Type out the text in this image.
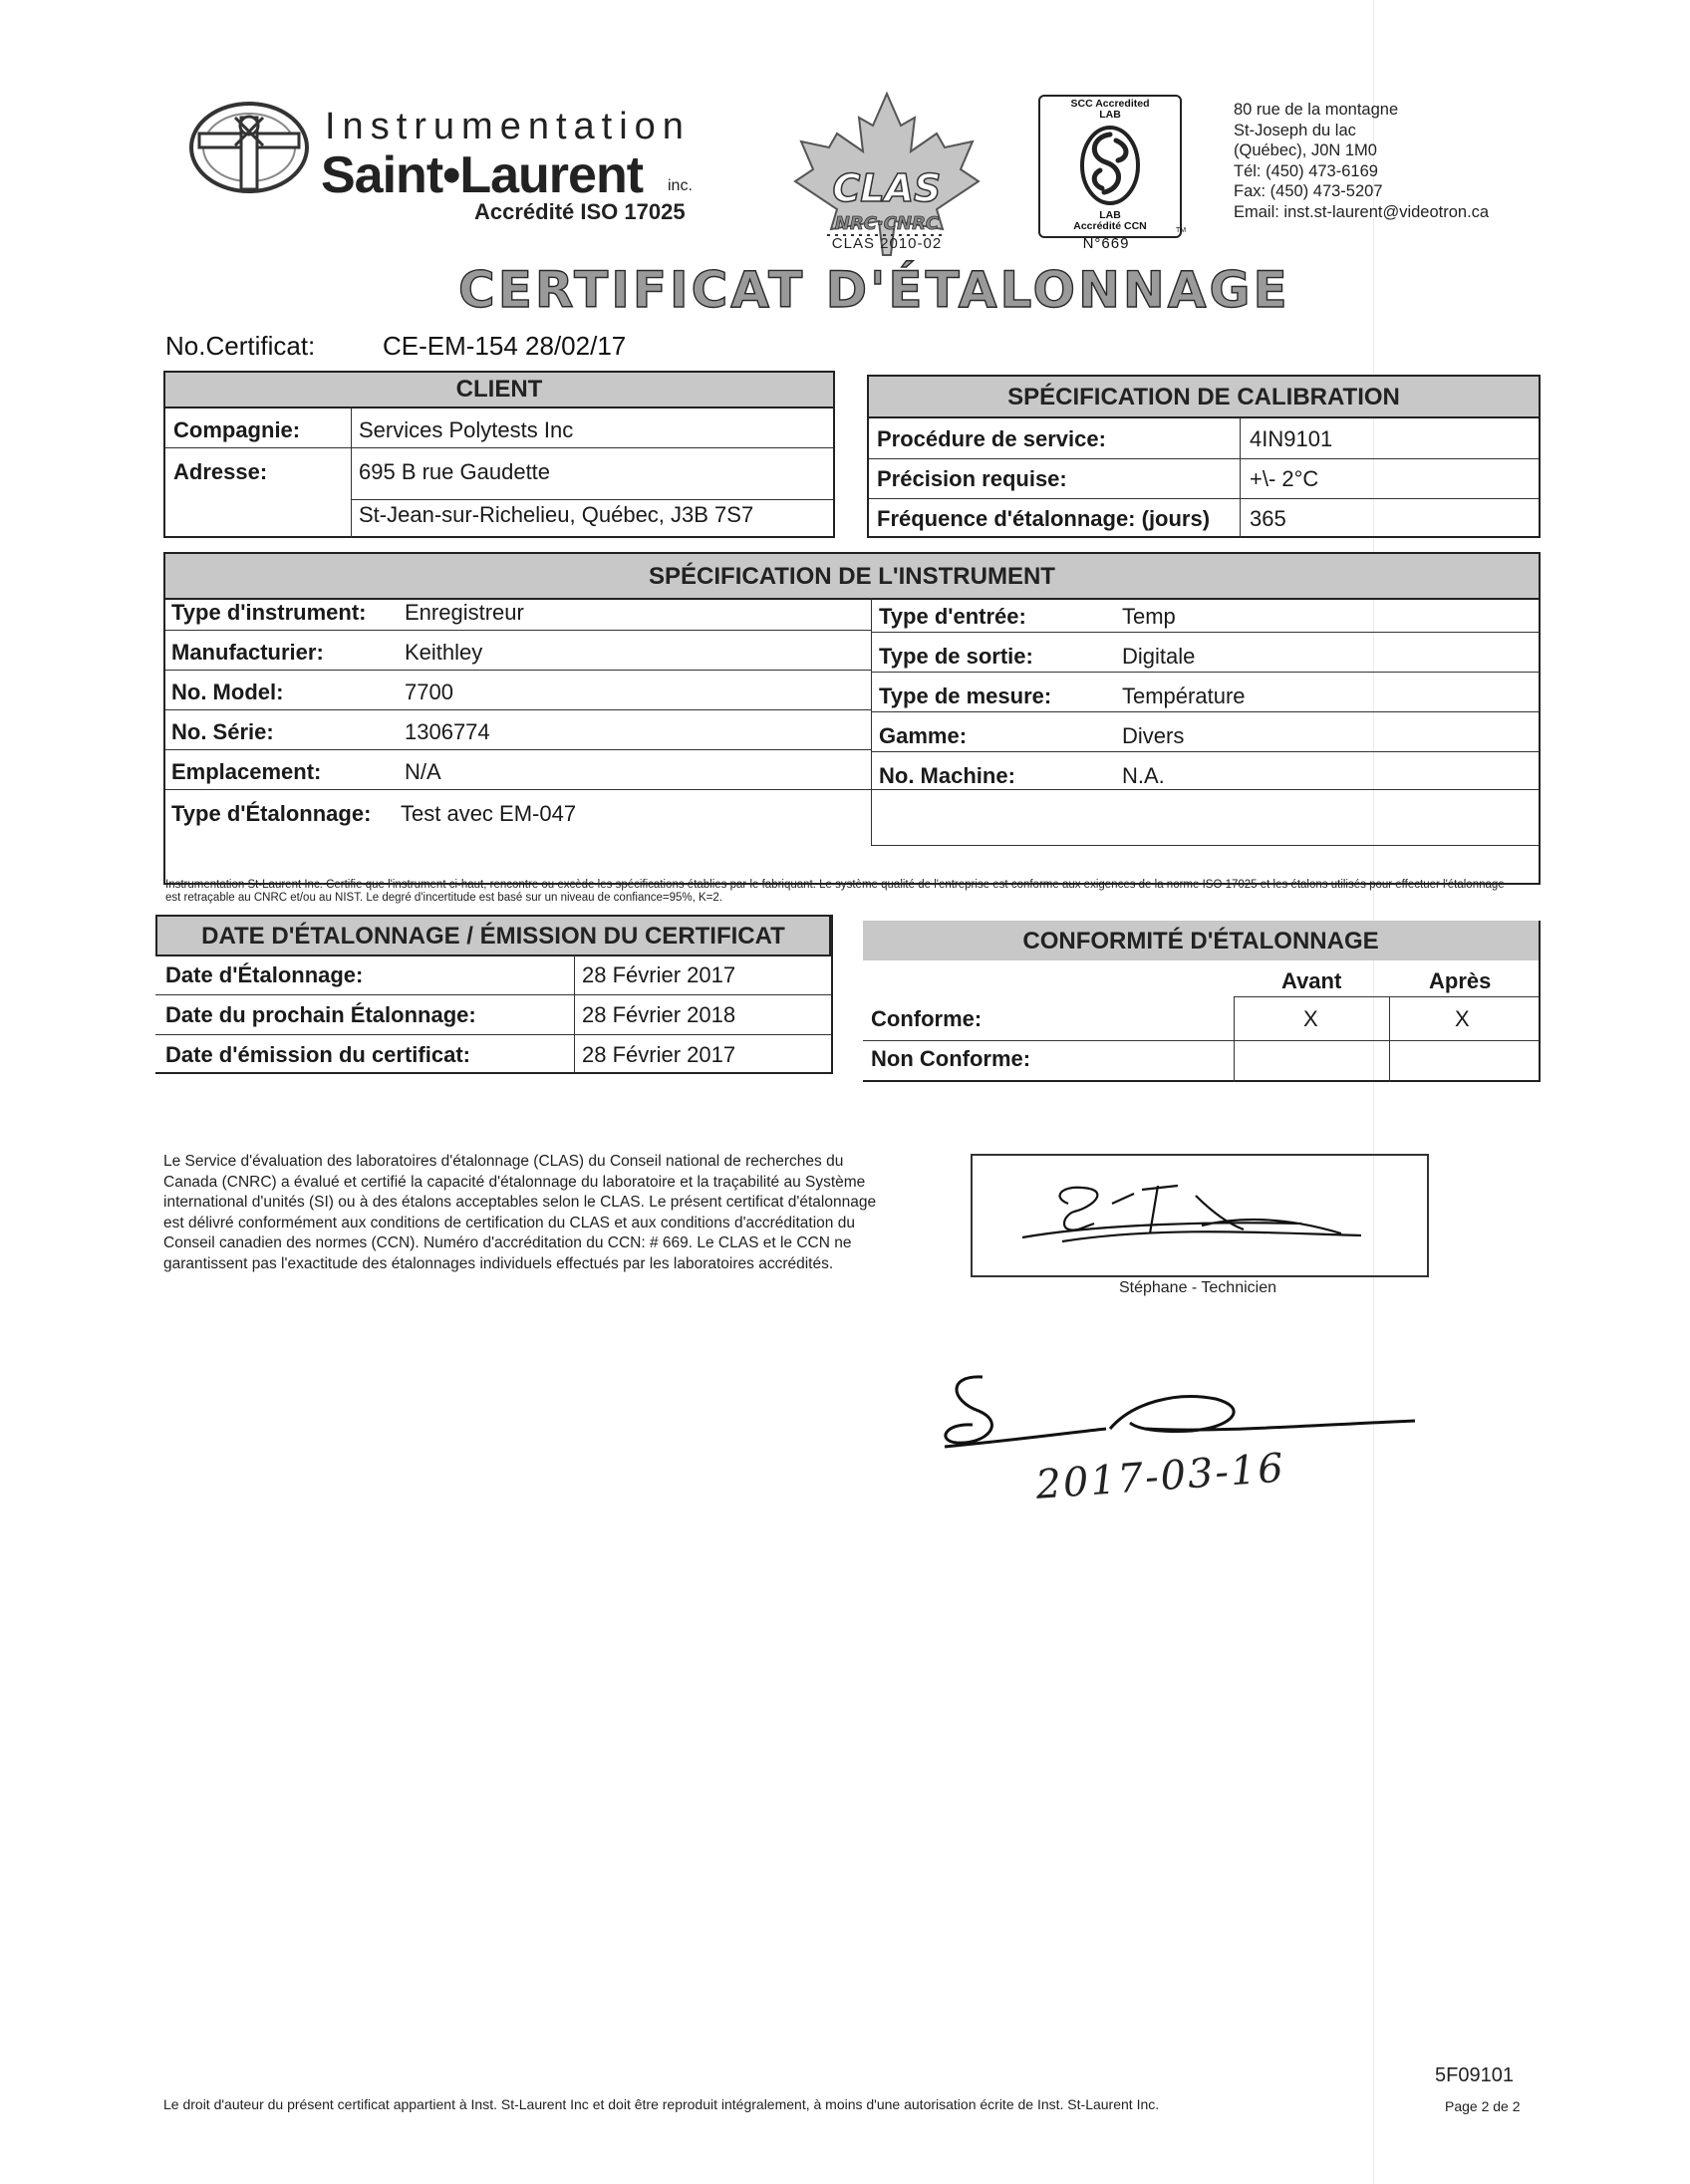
Instrumentation
Saint•Laurent inc.
Accrédité ISO 17025
CLAS
NRC·CNRC
CLAS 2010-02
SCC Accredited
LAB
LAB
Accrédité CCN
N°669
TM
80 rue de la montagne
St-Joseph du lac
(Québec), J0N 1M0
Tél: (450) 473-6169
Fax: (450) 473-5207
Email: inst.st-laurent@videotron.ca
CERTIFICAT D'ÉTALONNAGE
No.Certificat:	CE-EM-154 28/02/17
CLIENT
Compagnie:	Services Polytests Inc
Adresse:	695 B rue Gaudette
St-Jean-sur-Richelieu, Québec, J3B 7S7
SPÉCIFICATION DE CALIBRATION
Procédure de service:	4IN9101
Précision requise:	+\- 2°C
Fréquence d'étalonnage: (jours) 365
SPÉCIFICATION DE L'INSTRUMENT
Type d'instrument: Enregistreur
Manufacturier:	Keithley
No. Model:	7700
No. Série:	1306774
Emplacement:	N/A
Type d'entrée:	Temp
Type de sortie:	Digitale
Type de mesure:	Température
Gamme:	Divers
No. Machine:	N.A.
Type d'Étalonnage: Test avec EM-047
Instrumentation St-Laurent Inc. Certifie que l'instrument ci-haut, rencontre ou excède les spécifications établies par le fabriquant. Le système qualité de l'entreprise est conforme aux exigences de la norme ISO 17025 et les étalons utilisés pour effectuer l'étalonnage est retraçable au CNRC et/ou au NIST. Le degré d'incertitude est basé sur un niveau de confiance=95%, K=2.
DATE D'ÉTALONNAGE / ÉMISSION DU CERTIFICAT
Date d'Étalonnage:	28 Février 2017
Date du prochain Étalonnage:	28 Février 2018
Date d'émission du certificat:	28 Février 2017
CONFORMITÉ D'ÉTALONNAGE
Avant	Après
Conforme:	X	X
Non Conforme:
Le Service d'évaluation des laboratoires d'étalonnage (CLAS) du Conseil national de recherches du Canada (CNRC) a évalué et certifié la capacité d'étalonnage du laboratoire et la traçabilité au Système international d'unités (SI) ou à des étalons acceptables selon le CLAS. Le présent certificat d'étalonnage est délivré conformément aux conditions de certification du CLAS et aux conditions d'accréditation du Conseil canadien des normes (CCN). Numéro d'accréditation du CCN: # 669. Le CLAS et le CCN ne garantissent pas l'exactitude des étalonnages individuels effectués par les laboratoires accrédités.
Stéphane - Technicien
2017-03-16
Le droit d'auteur du présent certificat appartient à Inst. St-Laurent Inc et doit être reproduit intégralement, à moins d'une autorisation écrite de Inst. St-Laurent Inc.
5F09101
Page 2 de 2
